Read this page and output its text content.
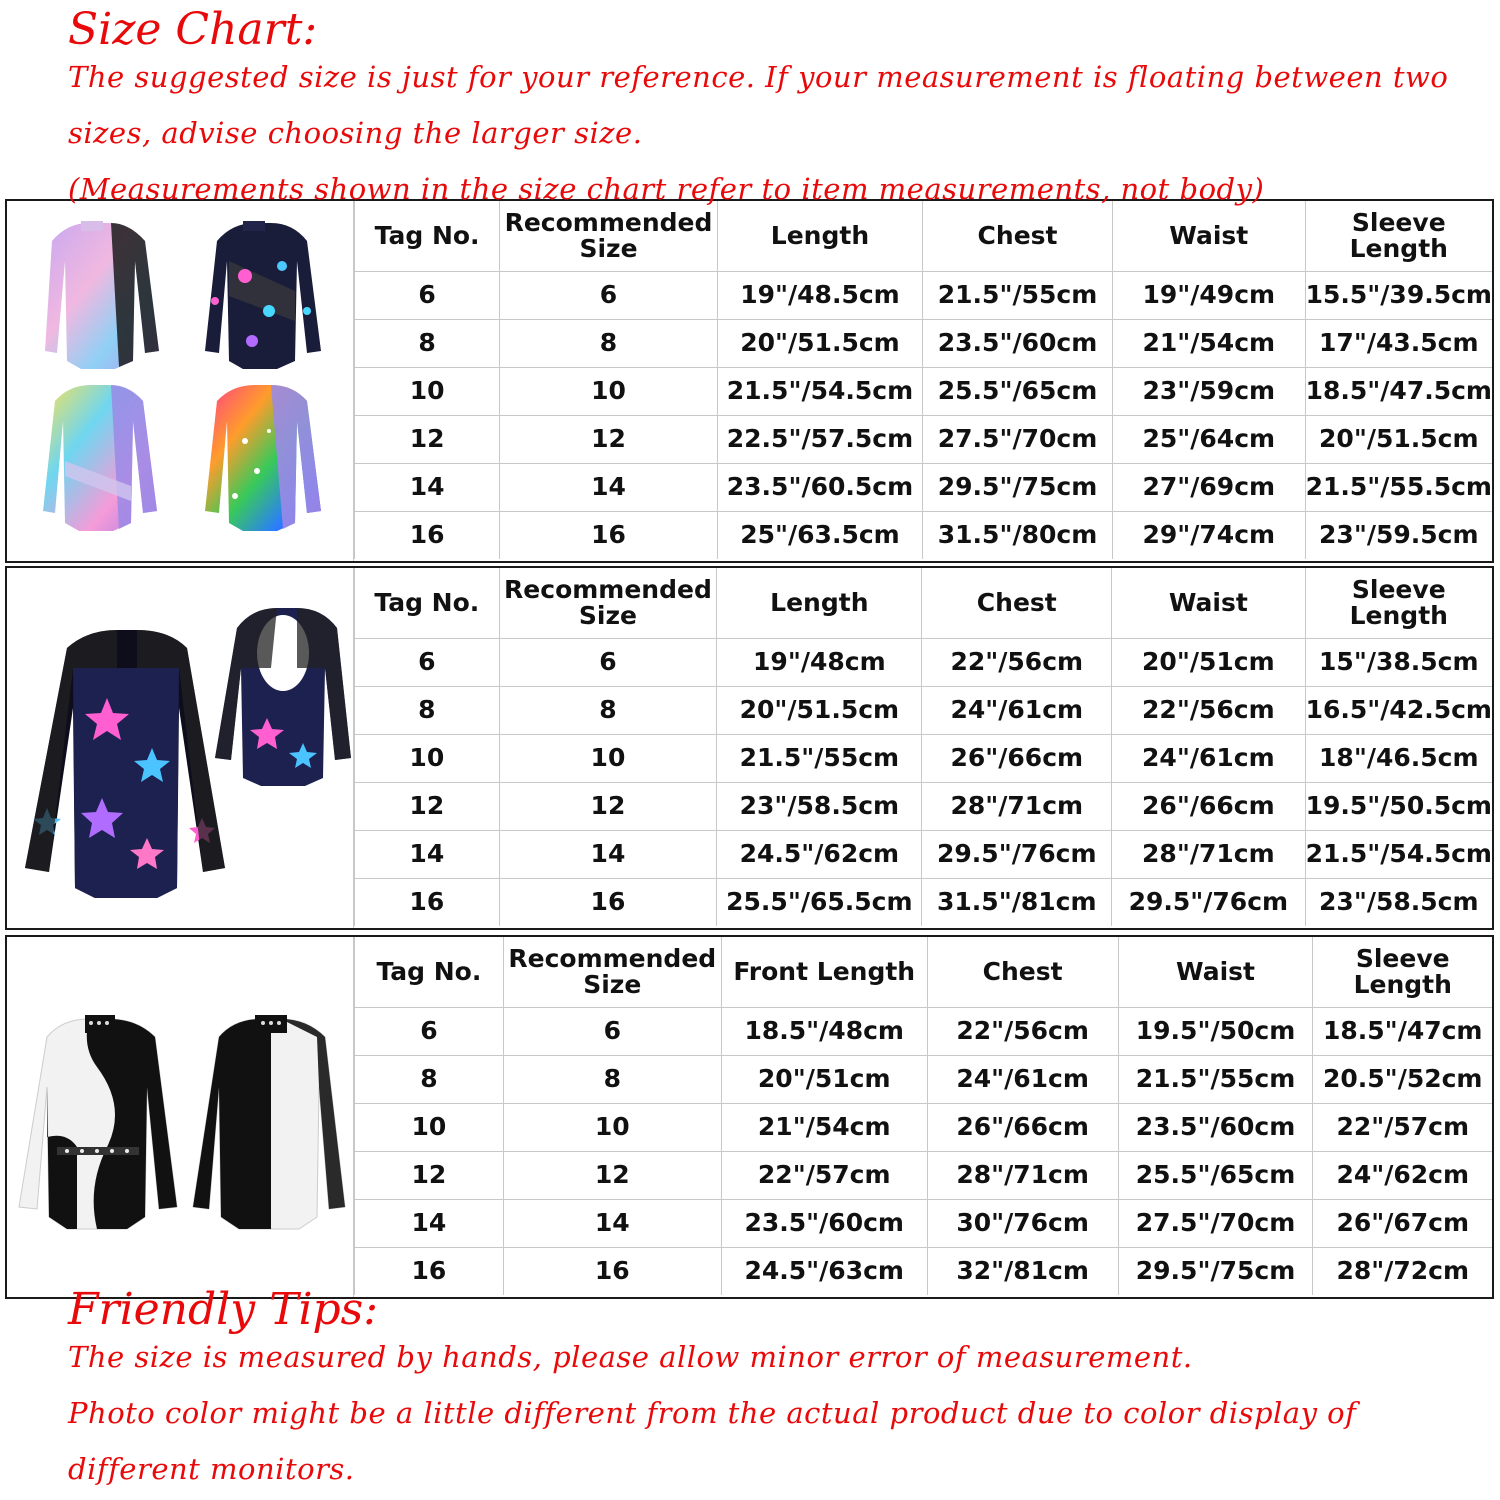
Size Chart:
The suggested size is just for your reference. If your measurement is floating between two
sizes, advise choosing the larger size.
Tag No.	Recommended Size	Length	Chest	Waist	Sleeve Length
6	6	19"/48.5cm	21.5"/55cm	19"/49cm	15.5"/39.5cm
8	8	20"/51.5cm	23.5"/60cm	21"/54cm	17"/43.5cm
10	10	21.5"/54.5cm	25.5"/65cm	23"/59cm	18.5"/47.5cm
12	12	22.5"/57.5cm	27.5"/70cm	25"/64cm	20"/51.5cm
14	14	23.5"/60.5cm	29.5"/75cm	27"/69cm	21.5"/55.5cm
16	16	25"/63.5cm	31.5"/80cm	29"/74cm	23"/59.5cm
(Measurements shown in the size chart refer to item measurements, not body)
Tag No.	Recommended Size	Length	Chest	Waist	Sleeve Length
6	6	19"/48cm	22"/56cm	20"/51cm	15"/38.5cm
8	8	20"/51.5cm	24"/61cm	22"/56cm	16.5"/42.5cm
10	10	21.5"/55cm	26"/66cm	24"/61cm	18"/46.5cm
12	12	23"/58.5cm	28"/71cm	26"/66cm	19.5"/50.5cm
14	14	24.5"/62cm	29.5"/76cm	28"/71cm	21.5"/54.5cm
16	16	25.5"/65.5cm	31.5"/81cm	29.5"/76cm	23"/58.5cm
Tag No.	Recommended Size	Front Length	Chest	Waist	Sleeve Length
6	6	18.5"/48cm	22"/56cm	19.5"/50cm	18.5"/47cm
8	8	20"/51cm	24"/61cm	21.5"/55cm	20.5"/52cm
10	10	21"/54cm	26"/66cm	23.5"/60cm	22"/57cm
12	12	22"/57cm	28"/71cm	25.5"/65cm	24"/62cm
14	14	23.5"/60cm	30"/76cm	27.5"/70cm	26"/67cm
16	16	24.5"/63cm	32"/81cm	29.5"/75cm	28"/72cm
Friendly Tips:
The size is measured by hands, please allow minor error of measurement.
Photo color might be a little different from the actual product due to color display of
different monitors.
